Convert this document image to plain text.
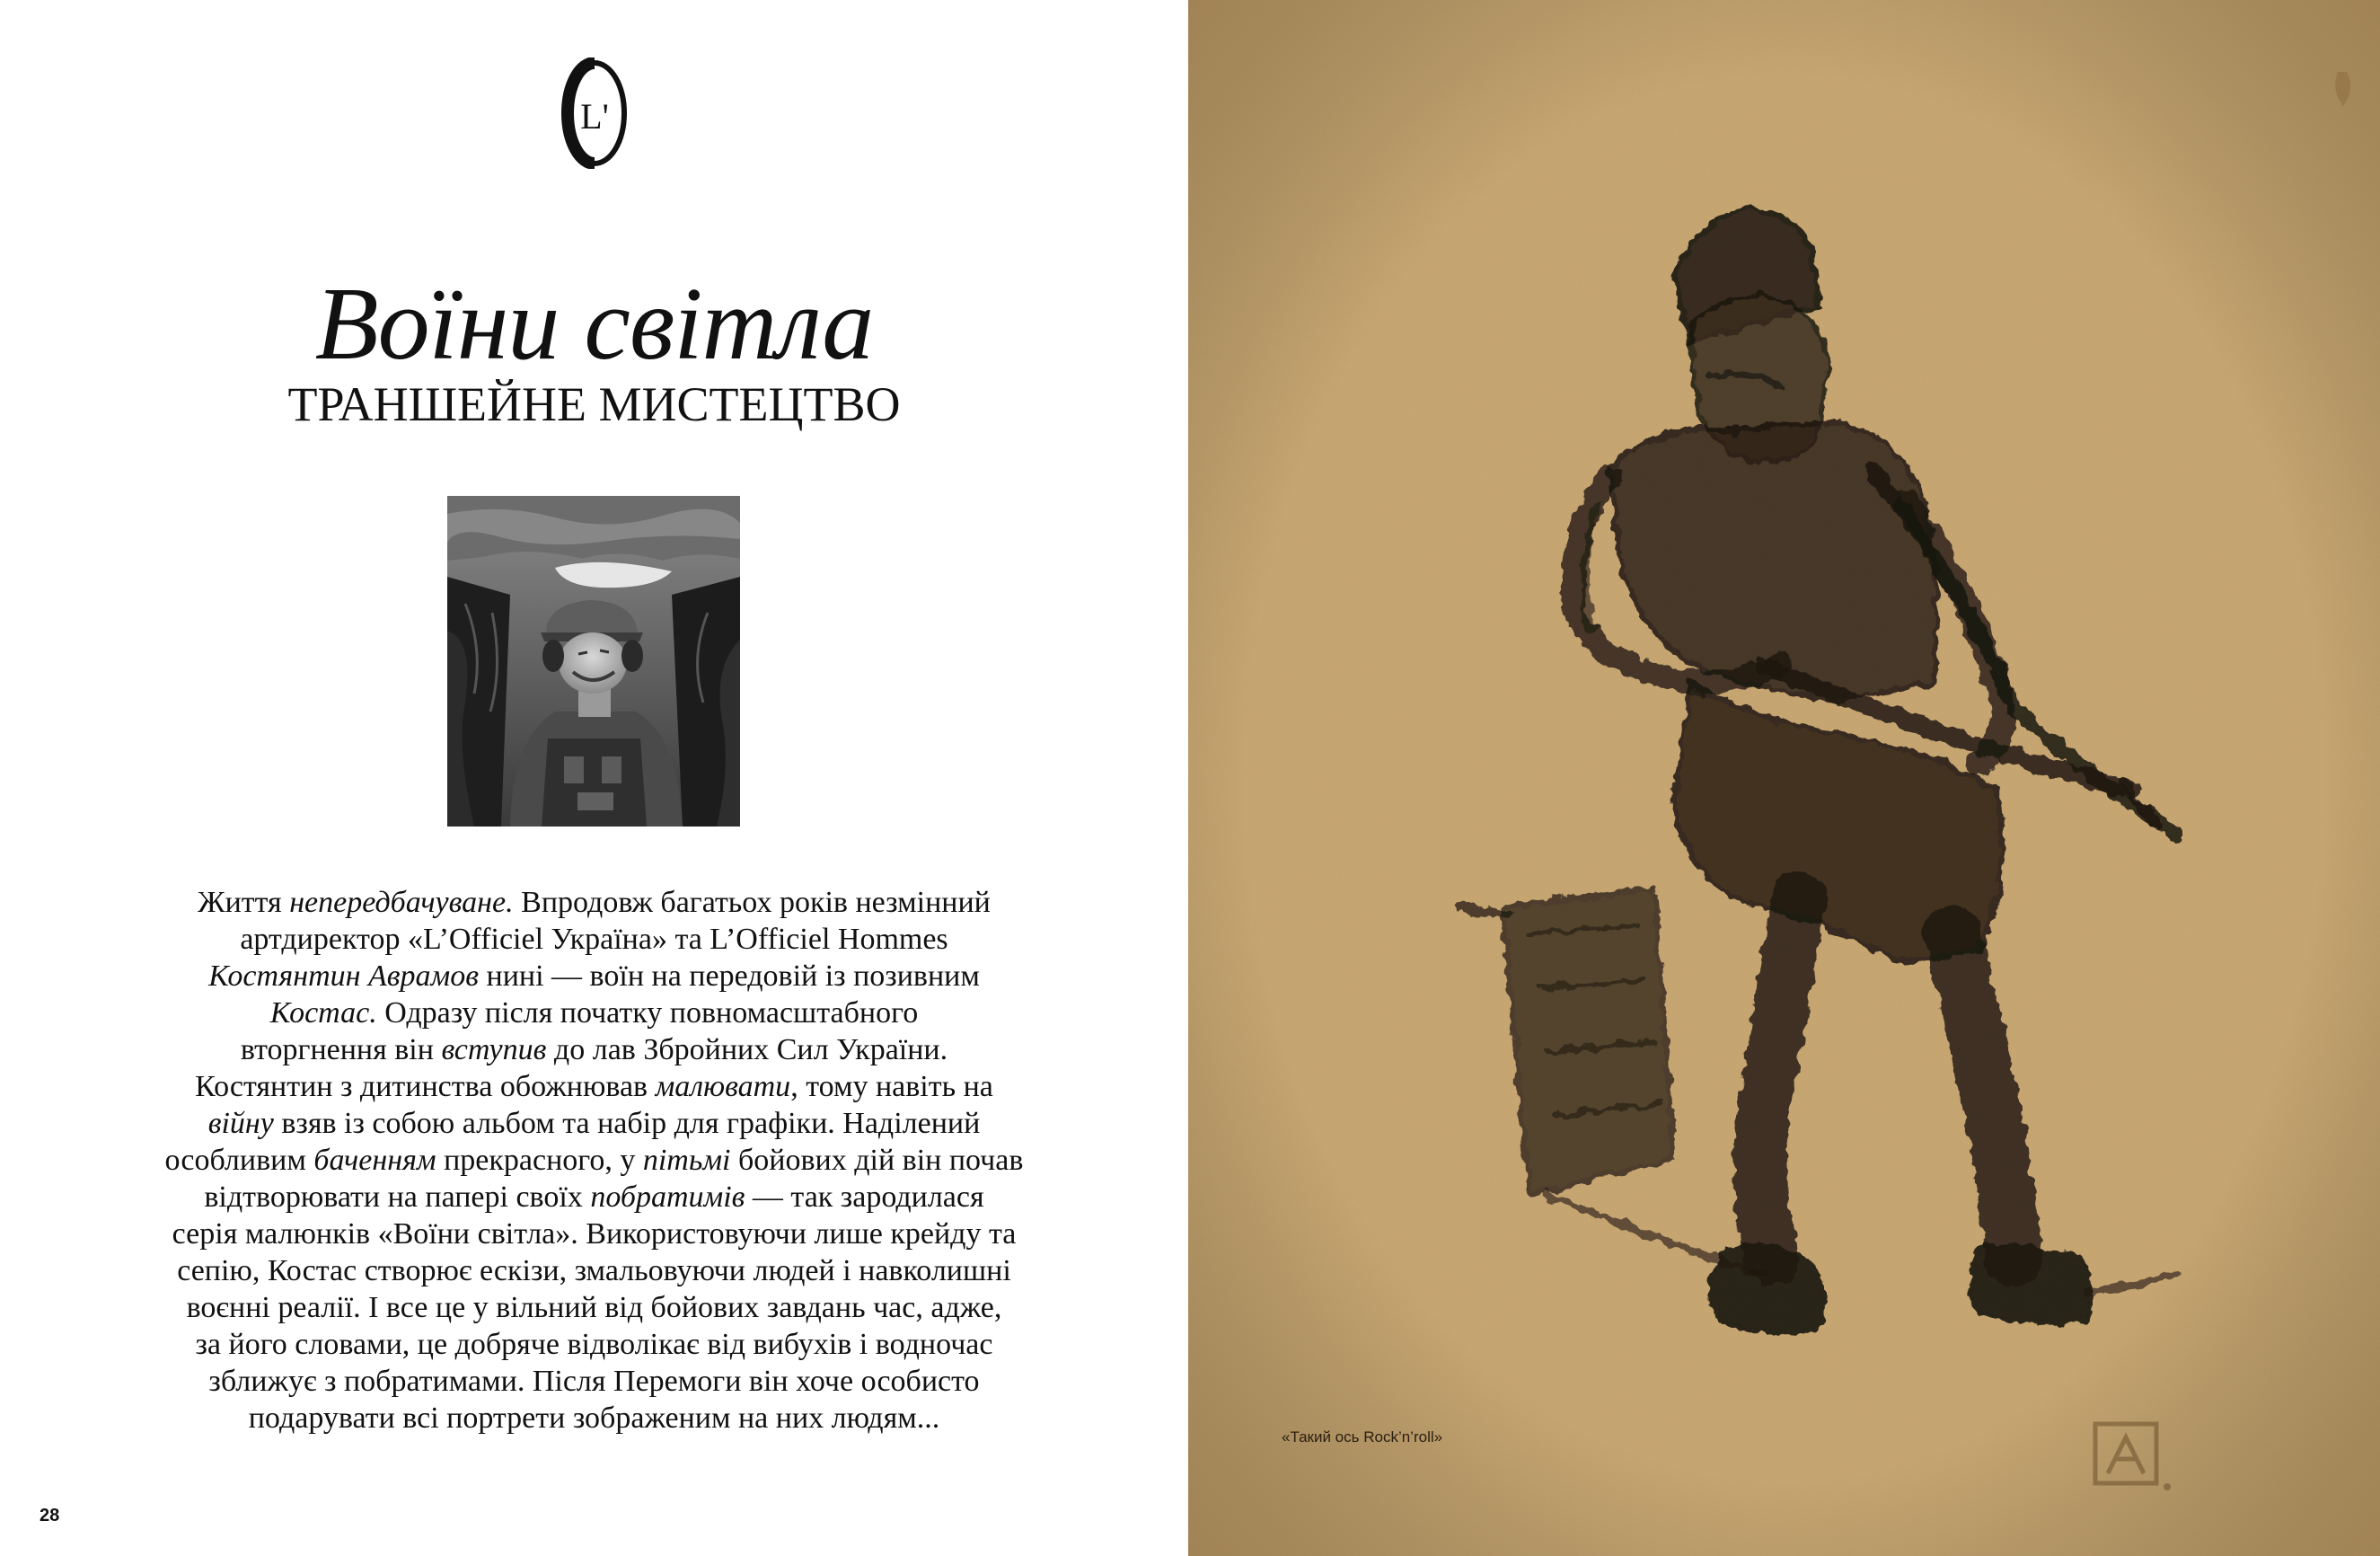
L'
Воїни світла
ТРАНШЕЙНЕ МИСТЕЦТВО

Життя непередбачуване. Впродовж багатьох років незмінний
артдиректор «L’Officiel Україна» та L’Officiel Hommes
Костянтин Аврамов нині — воїн на передовій із позивним
Костас. Одразу після початку повномасштабного
вторгнення він вступив до лав Збройних Сил України.
Костянтин з дитинства обожнював малювати, тому навіть на
війну взяв із собою альбом та набір для графіки. Наділений
особливим баченням прекрасного, у пітьмі бойових дій він почав
відтворювати на папері своїх побратимів — так зародилася
серія малюнків «Воїни світла». Використовуючи лише крейду та
сепію, Костас створює ескізи, змальовуючи людей і навколишні
воєнні реалії. І все це у вільний від бойових завдань час, адже,
за його словами, це добряче відволікає від вибухів і водночас
зближує з побратимами. Після Перемоги він хоче особисто
подарувати всі портрети зображеним на них людям...

28
«Такий ось Rock’n’roll»
